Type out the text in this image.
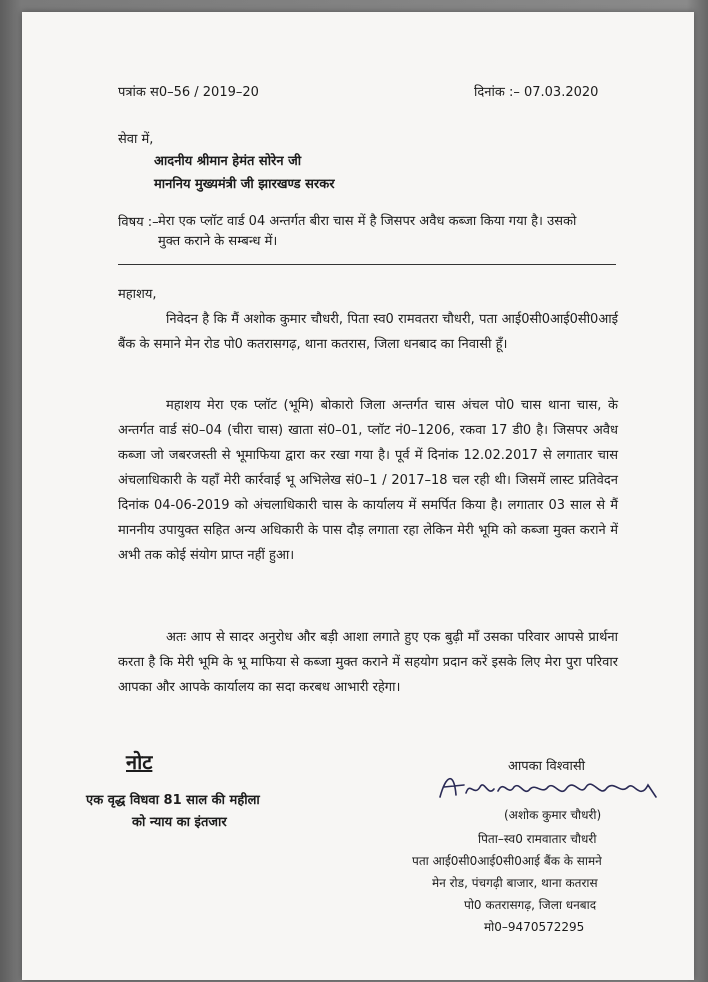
पत्रांक स0–56 / 2019–20	दिनांक :– 07.03.2020
सेवा में,
आदनीय श्रीमान हेमंत सोरेन जी
माननिय मुख्यमंत्री जी झारखण्ड सरकर
विषय :– मेरा एक प्लॉट वार्ड 04 अन्तर्गत बीरा चास में है जिसपर अवैध कब्जा किया गया है। उसको मुक्त कराने के सम्बन्ध में।
महाशय,
निवेदन है कि मैं अशोक कुमार चौधरी, पिता स्व0 रामवतरा चौधरी, पता आई0सी0आई0सी0आई बैंक के समाने मेन रोड पो0 कतरासगढ़, थाना कतरास, जिला धनबाद का निवासी हूँ।
महाशय मेरा एक प्लॉट (भूमि) बोकारो जिला अन्तर्गत चास अंचल पो0 चास थाना चास, के अन्तर्गत वार्ड सं0–04 (चीरा चास) खाता सं0–01, प्लॉट नं0–1206, रकवा 17 डी0 है। जिसपर अवैध कब्जा जो जबरजस्ती से भूमाफिया द्वारा कर रखा गया है। पूर्व में दिनांक 12.02.2017 से लगातार चास अंचलाधिकारी के यहाँ मेरी कार्रवाई भू अभिलेख सं0–1 / 2017–18 चल रही थी। जिसमें लास्ट प्रतिवेदन दिनांक 04-06-2019 को अंचलाधिकारी चास के कार्यालय में समर्पित किया है। लगातार 03 साल से मैं माननीय उपायुक्त सहित अन्य अधिकारी के पास दौड़ लगाता रहा लेकिन मेरी भूमि को कब्जा मुक्त कराने में अभी तक कोई संयोग प्राप्त नहीं हुआ।
अतः आप से सादर अनुरोध और बड़ी आशा लगाते हुए एक बुढ़ी माँ उसका परिवार आपसे प्रार्थना करता है कि मेरी भूमि के भू माफिया से कब्जा मुक्त कराने में सहयोग प्रदान करें इसके लिए मेरा पुरा परिवार आपका और आपके कार्यालय का सदा करबध आभारी रहेगा।
नोट
एक वृद्ध विधवा 81 साल की महीला
को न्याय का इंतजार
आपका विश्वासी
(अशोक कुमार चौधरी)
पिता–स्व0 रामवातार चौधरी
पता आई0सी0आई0सी0आई बैंक के सामने
मेन रोड, पंचगढ़ी बाजार, थाना कतरास
पो0 कतरासगढ़, जिला धनबाद
मो0–9470572295
